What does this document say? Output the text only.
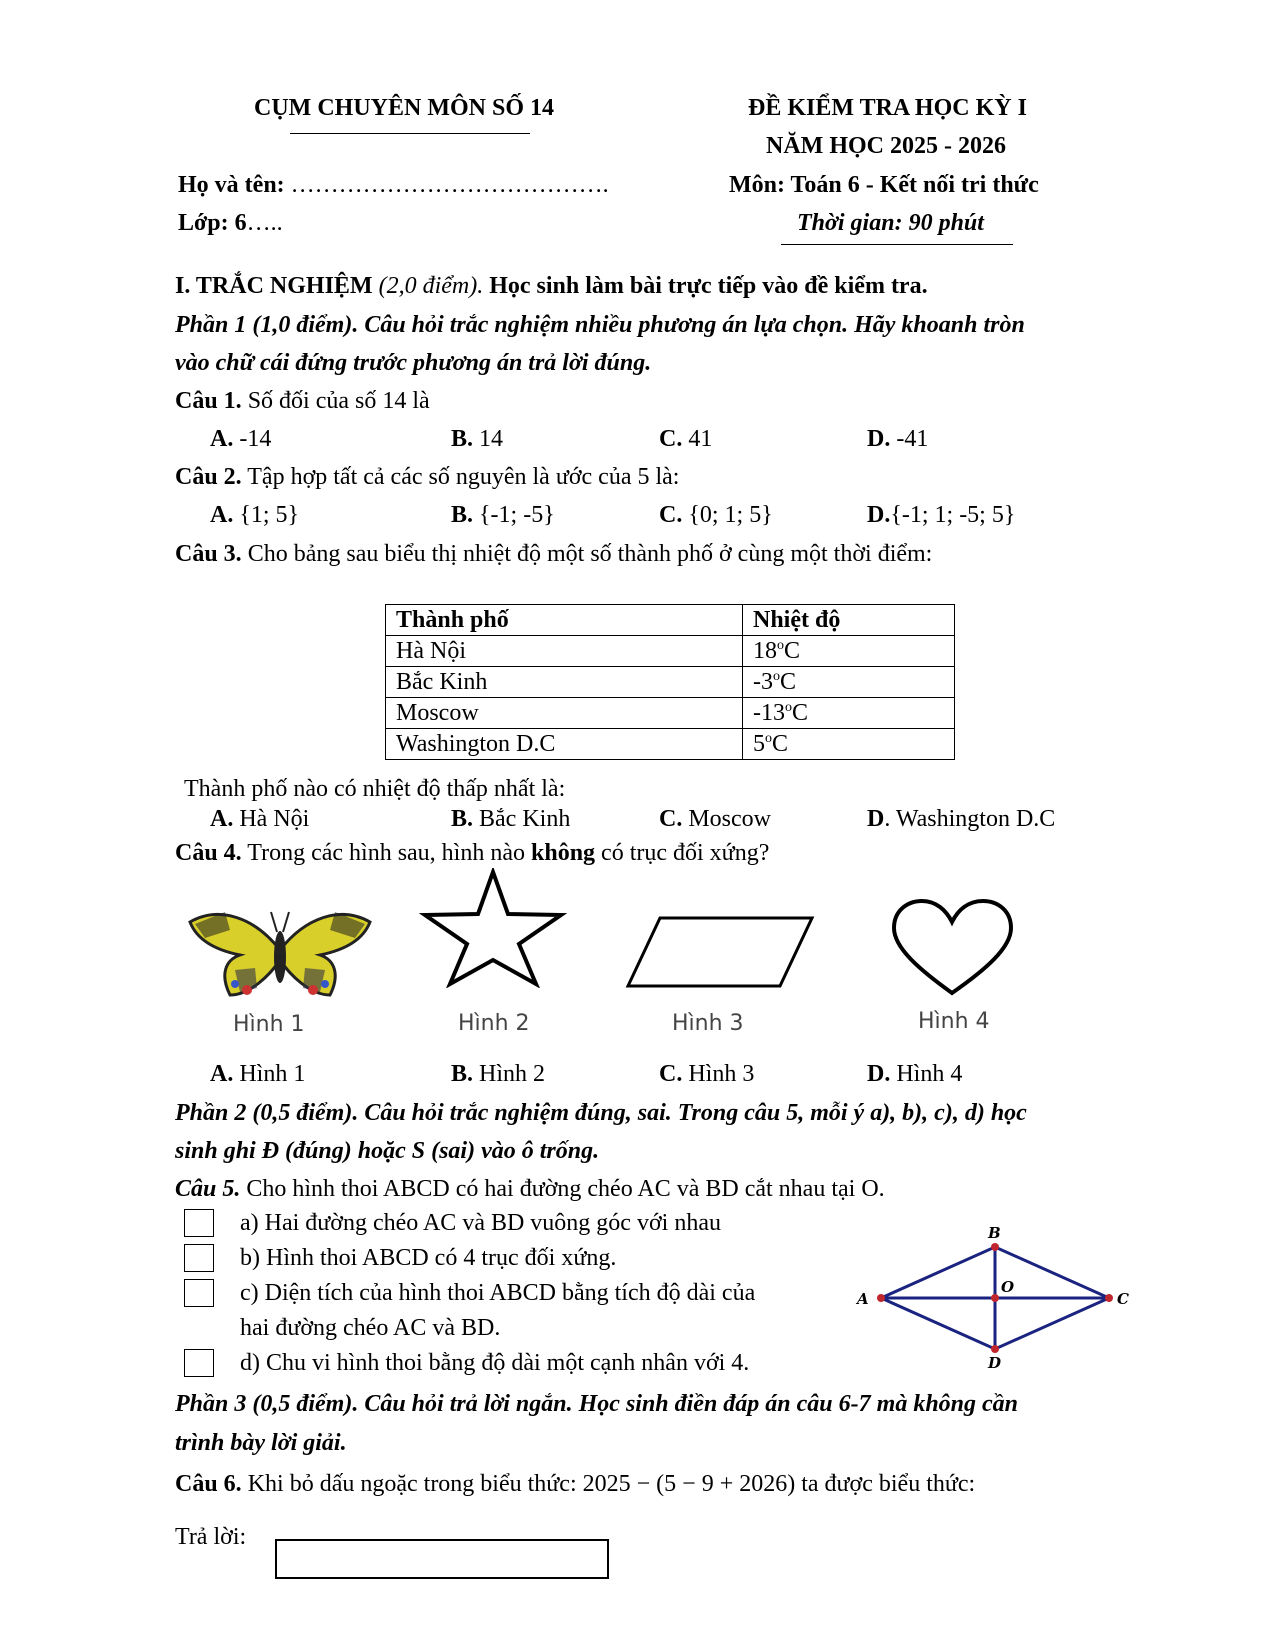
CỤM CHUYÊN MÔN SỐ 14	ĐỀ KIỂM TRA HỌC KỲ I
NĂM HỌC 2025 - 2026
Họ và tên: ………………………………….	Môn: Toán 6 - Kết nối tri thức
Lớp: 6…..	Thời gian: 90 phút
I. TRẮC NGHIỆM (2,0 điểm). Học sinh làm bài trực tiếp vào đề kiểm tra.
Phần 1 (1,0 điểm). Câu hỏi trắc nghiệm nhiều phương án lựa chọn. Hãy khoanh tròn
vào chữ cái đứng trước phương án trả lời đúng.
Câu 1. Số đối của số 14 là
A. -14	B. 14	C. 41	D. -41
Câu 2. Tập hợp tất cả các số nguyên là ước của 5 là:
A. {1; 5}	B. {-1; -5}	C. {0; 1; 5}	D.{-1; 1; -5; 5}
Câu 3. Cho bảng sau biểu thị nhiệt độ một số thành phố ở cùng một thời điểm:
Thành phố	Nhiệt độ
Hà Nội	18$^o$C
Bắc Kinh	-3$^o$C
Moscow	-13$^o$C
Washington D.C	5$^o$C
Thành phố nào có nhiệt độ thấp nhất là:
A. Hà Nội	B. Bắc Kinh	C. Moscow	D. Washington D.C
Câu 4. Trong các hình sau, hình nào không có trục đối xứng?
Hình 1	Hình 2	Hình 3	Hình 4
A. Hình 1	B. Hình 2	C. Hình 3	D. Hình 4
Phần 2 (0,5 điểm). Câu hỏi trắc nghiệm đúng, sai. Trong câu 5, mỗi ý a), b), c), d) học
sinh ghi Đ (đúng) hoặc S (sai) vào ô trống.
Câu 5. Cho hình thoi ABCD có hai đường chéo AC và BD cắt nhau tại O.
a) Hai đường chéo AC và BD vuông góc với nhau
b) Hình thoi ABCD có 4 trục đối xứng.
c) Diện tích của hình thoi ABCD bằng tích độ dài của
hai đường chéo AC và BD.
d) Chu vi hình thoi bằng độ dài một cạnh nhân với 4.
A
B
C
D
O
Phần 3 (0,5 điểm). Câu hỏi trả lời ngắn. Học sinh điền đáp án câu 6-7 mà không cần
trình bày lời giải.
Câu 6. Khi bỏ dấu ngoặc trong biểu thức: 2025 − (5 − 9 + 2026) ta được biểu thức:
Trả lời:
